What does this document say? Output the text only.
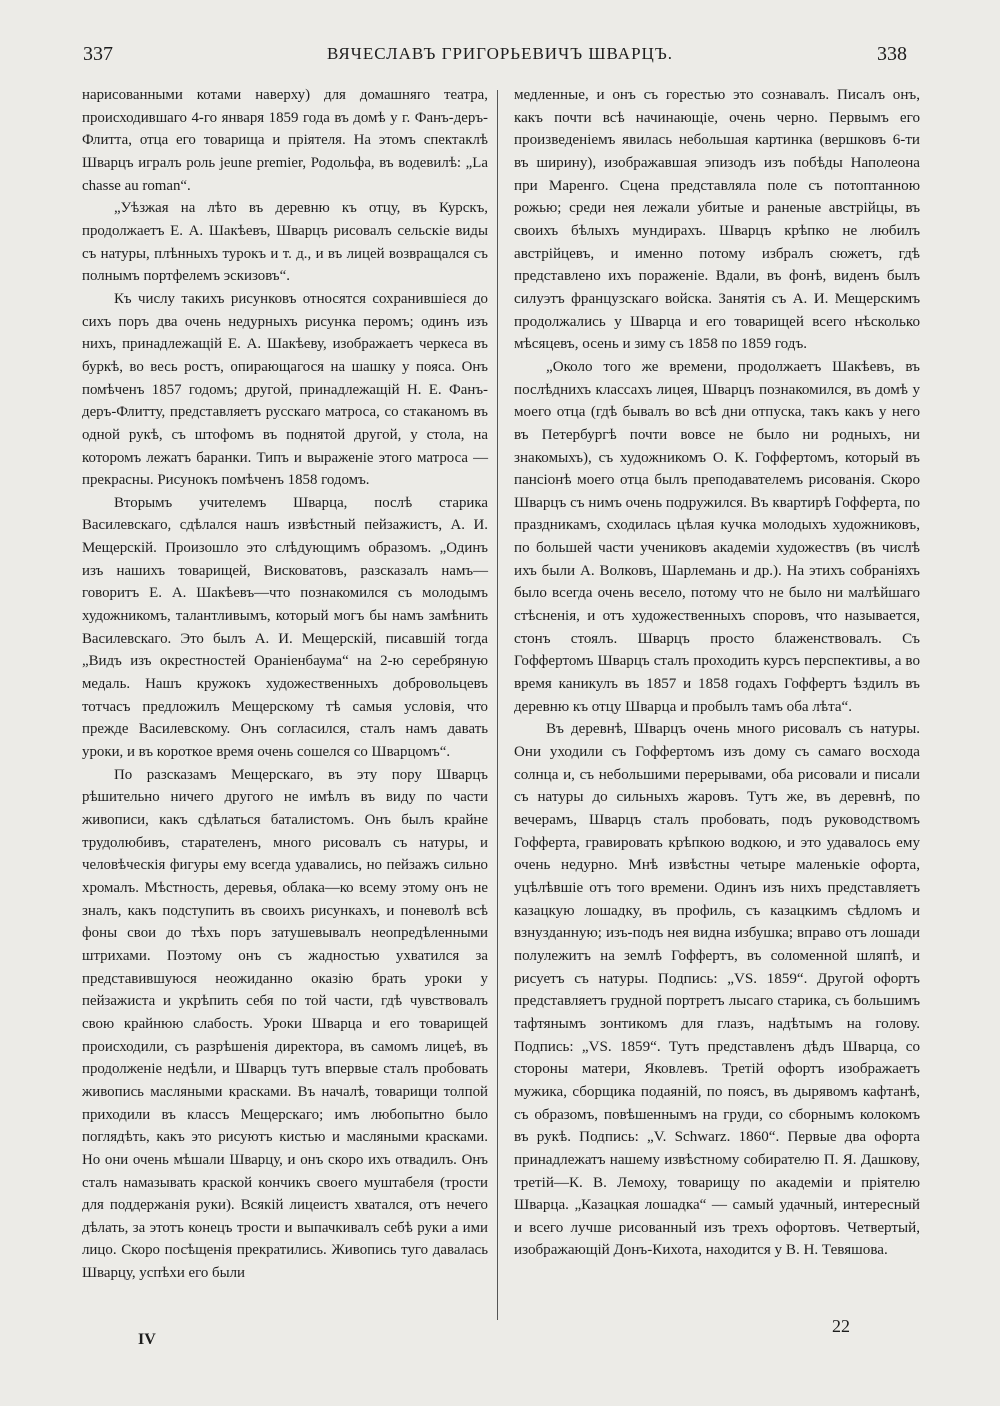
337	ВЯЧЕСЛАВЪ ГРИГОРЬЕВИЧЪ ШВАРЦЪ.	338

нарисованными котами наверху) для домашняго театра, происходившаго 4-го января 1859 года въ домѣ у г. Фанъ-деръ-Флитта, отца его товарища и пріятеля. На этомъ спектаклѣ Шварцъ игралъ роль jeune premier, Родольфа, въ водевилѣ: „La chasse au roman“.

„Уѣзжая на лѣто въ деревню къ отцу, въ Курскъ, продолжаетъ Е. А. Шакѣевъ, Шварцъ рисовалъ сельскіе виды съ натуры, плѣнныхъ турокъ и т. д., и въ лицей возвращался съ полнымъ портфелемъ эскизовъ“.

Къ числу такихъ рисунковъ относятся сохранившіеся до сихъ поръ два очень недурныхъ рисунка перомъ; одинъ изъ нихъ, принадлежащій Е. А. Шакѣеву, изображаетъ черкеса въ буркѣ, во весь ростъ, опирающагося на шашку у пояса. Онъ помѣченъ 1857 годомъ; другой, принадлежащій Н. Е. Фанъ-деръ-Флитту, представляетъ русскаго матроса, со стаканомъ въ одной рукѣ, съ штофомъ въ поднятой другой, у стола, на которомъ лежатъ баранки. Типъ и выраженіе этого матроса — прекрасны. Рисунокъ помѣченъ 1858 годомъ.

Вторымъ учителемъ Шварца, послѣ старика Василевскаго, сдѣлался нашъ извѣстный пейзажистъ, А. И. Мещерскій. Произошло это слѣдующимъ образомъ. „Одинъ изъ нашихъ товарищей, Висковатовъ, разсказалъ намъ—говоритъ Е. А. Шакѣевъ—что познакомился съ молодымъ художникомъ, талантливымъ, который могъ бы намъ замѣнить Василевскаго. Это былъ А. И. Мещерскій, писавшій тогда „Видъ изъ окрестностей Ораніенбаума“ на 2-ю серебряную медаль. Нашъ кружокъ художественныхъ добровольцевъ тотчасъ предложилъ Мещерскому тѣ самыя условія, что прежде Василевскому. Онъ согласился, сталъ намъ давать уроки, и въ короткое время очень сошелся со Шварцомъ“.

По разсказамъ Мещерскаго, въ эту пору Шварцъ рѣшительно ничего другого не имѣлъ въ виду по части живописи, какъ сдѣлаться баталистомъ. Онъ былъ крайне трудолюбивъ, старателенъ, много рисовалъ съ натуры, и человѣческія фигуры ему всегда удавались, но пейзажъ сильно хромалъ. Мѣстность, деревья, облака—ко всему этому онъ не зналъ, какъ подступить въ своихъ рисункахъ, и поневолѣ всѣ фоны свои до тѣхъ поръ затушевывалъ неопредѣленными штрихами. Поэтому онъ съ жадностью ухватился за представившуюся неожиданно оказію брать уроки у пейзажиста и укрѣпить себя по той части, гдѣ чувствовалъ свою крайнюю слабость. Уроки Шварца и его товарищей происходили, съ разрѣшенія директора, въ самомъ лицеѣ, въ продолженіе недѣли, и Шварцъ тутъ впервые сталъ пробовать живопись масляными красками. Въ началѣ, товарищи толпой приходили въ классъ Мещерскаго; имъ любопытно было поглядѣть, какъ это рисуютъ кистью и масляными красками. Но они очень мѣшали Шварцу, и онъ скоро ихъ отвадилъ. Онъ сталъ намазывать краской кончикъ своего муштабеля (трости для поддержанія руки). Всякій лицеистъ хватался, отъ нечего дѣлать, за этотъ конецъ трости и выпачкивалъ себѣ руки а ими лицо. Скоро посѣщенія прекратились. Живопись туго давалась Шварцу, успѣхи его были

медленные, и онъ съ горестью это сознавалъ. Писалъ онъ, какъ почти всѣ начинающіе, очень черно. Первымъ его произведеніемъ явилась небольшая картинка (вершковъ 6-ти въ ширину), изображавшая эпизодъ изъ побѣды Наполеона при Маренго. Сцена представляла поле съ потоптанною рожью; среди нея лежали убитые и раненые австрійцы, въ своихъ бѣлыхъ мундирахъ. Шварцъ крѣпко не любилъ австрійцевъ, и именно потому избралъ сюжетъ, гдѣ представлено ихъ пораженіе. Вдали, въ фонѣ, виденъ былъ силуэтъ французскаго войска. Занятія съ А. И. Мещерскимъ продолжались у Шварца и его товарищей всего нѣсколько мѣсяцевъ, осень и зиму съ 1858 по 1859 годъ.

„Около того же времени, продолжаетъ Шакѣевъ, въ послѣднихъ классахъ лицея, Шварцъ познакомился, въ домѣ у моего отца (гдѣ бывалъ во всѣ дни отпуска, такъ какъ у него въ Петербургѣ почти вовсе не было ни родныхъ, ни знакомыхъ), съ художникомъ О. К. Гоффертомъ, который въ пансіонѣ моего отца былъ преподавателемъ рисованія. Скоро Шварцъ съ нимъ очень подружился. Въ квартирѣ Гофферта, по праздникамъ, сходилась цѣлая кучка молодыхъ художниковъ, по большей части учениковъ академіи художествъ (въ числѣ ихъ были А. Волковъ, Шарлемань и др.). На этихъ собраніяхъ было всегда очень весело, потому что не было ни малѣйшаго стѣсненія, и отъ художественныхъ споровъ, что называется, стонъ стоялъ. Шварцъ просто блаженствовалъ. Съ Гоффертомъ Шварцъ сталъ проходить курсъ перспективы, а во время каникулъ въ 1857 и 1858 годахъ Гоффертъ ѣздилъ въ деревню къ отцу Шварца и пробылъ тамъ оба лѣта“.

Въ деревнѣ, Шварцъ очень много рисовалъ съ натуры. Они уходили съ Гоффертомъ изъ дому съ самаго восхода солнца и, съ небольшими перерывами, оба рисовали и писали съ натуры до сильныхъ жаровъ. Тутъ же, въ деревнѣ, по вечерамъ, Шварцъ сталъ пробовать, подъ руководствомъ Гофферта, гравировать крѣпкою водкою, и это удавалось ему очень недурно. Мнѣ извѣстны четыре маленькіе офорта, уцѣлѣвшіе отъ того времени. Одинъ изъ нихъ представляетъ казацкую лошадку, въ профиль, съ казацкимъ сѣдломъ и взнузданную; изъ-подъ нея видна избушка; вправо отъ лошади полулежитъ на землѣ Гоффертъ, въ соломенной шляпѣ, и рисуетъ съ натуры. Подпись: „VS. 1859“. Другой офортъ представляетъ грудной портретъ лысаго старика, съ большимъ тафтянымъ зонтикомъ для глазъ, надѣтымъ на голову. Подпись: „VS. 1859“. Тутъ представленъ дѣдъ Шварца, со стороны матери, Яковлевъ. Третій офортъ изображаетъ мужика, сборщика подаяній, по поясъ, въ дырявомъ кафтанѣ, съ образомъ, повѣшеннымъ на груди, со сборнымъ колокомъ въ рукѣ. Подпись: „V. Schwarz. 1860“. Первые два офорта принадлежатъ нашему извѣстному собирателю П. Я. Дашкову, третій—К. В. Лемоху, товарищу по академіи и пріятелю Шварца. „Казацкая лошадка“ — самый удачный, интересный и всего лучше рисованный изъ трехъ офортовъ. Четвертый, изображающій Донъ-Кихота, находится у В. Н. Тевяшова.

IV
22
